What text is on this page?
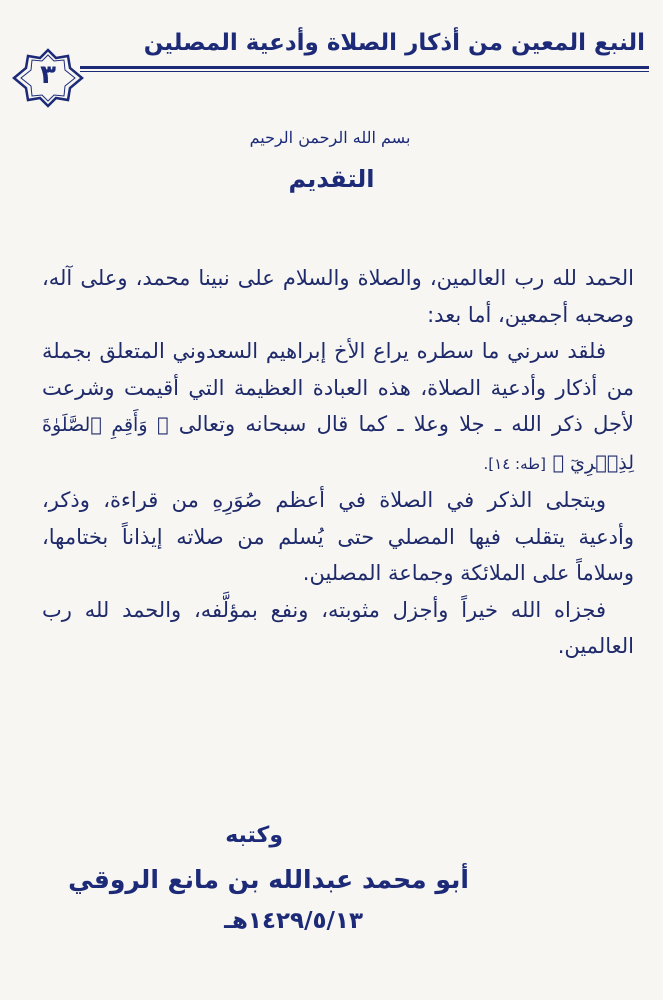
النبع المعين من أذكار الصلاة وأدعية المصلين
٣
بسم الله الرحمن الرحيم
التقديم

الحمد لله رب العالمين، والصلاة والسلام على نبينا محمد، وعلى آله، وصحبه أجمعين، أما بعد:

فلقد سرني ما سطره يراع الأخ إبراهيم السعدوني المتعلق بجملة من أذكار وأدعية الصلاة، هذه العبادة العظيمة التي أقيمت وشرعت لأجل ذكر الله ـ جلا وعلا ـ كما قال سبحانه وتعالى ﴿ وَأَقِمِ ٱلصَّلَوٰةَ لِذِكۡرِيٓ ﴾ [طه: ١٤].

ويتجلى الذكر في الصلاة في أعظم صُوَرِهِ من قراءة، وذكر، وأدعية يتقلب فيها المصلي حتى يُسلم من صلاته إيذاناً بختامها، وسلاماً على الملائكة وجماعة المصلين.

فجزاه الله خيراً وأجزل مثوبته، ونفع بمؤلَّفه، والحمد لله رب العالمين.

وكتبه
أبو محمد عبدالله بن مانع الروقي
١٤٢٩/٥/١٣هـ
